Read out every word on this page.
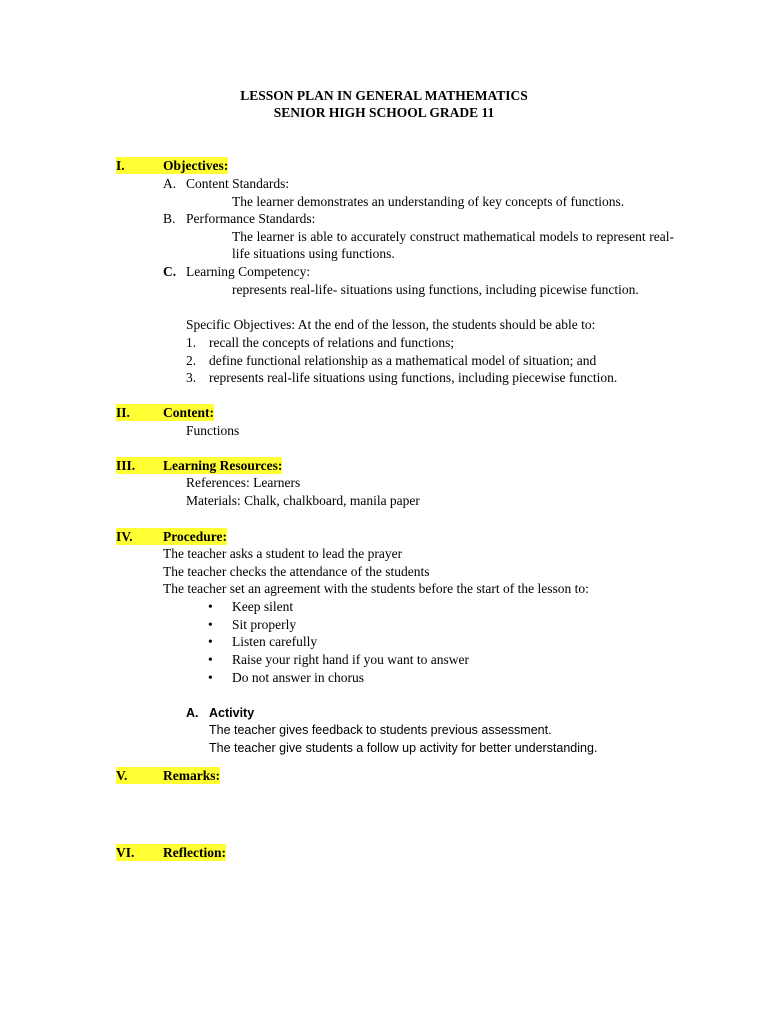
LESSON PLAN IN GENERAL MATHEMATICS
SENIOR HIGH SCHOOL GRADE 11
I.	Objectives:
A. Content Standards:
The learner demonstrates an understanding of key concepts of functions.
B. Performance Standards:
The learner is able to accurately construct mathematical models to represent real-life situations using functions.
C. Learning Competency:
represents real-life- situations using functions, including picewise function.
Specific Objectives: At the end of the lesson, the students should be able to:
1. recall the concepts of relations and functions;
2. define functional relationship as a mathematical model of situation; and
3. represents real-life situations using functions, including piecewise function.
II.	Content:
Functions
III.	Learning Resources:
References: Learners
Materials: Chalk, chalkboard, manila paper
IV.	Procedure:
The teacher asks a student to lead the prayer
The teacher checks the attendance of the students
The teacher set an agreement with the students before the start of the lesson to:
• Keep silent
• Sit properly
• Listen carefully
• Raise your right hand if you want to answer
• Do not answer in chorus
A. Activity
The teacher gives feedback to students previous assessment.
The teacher give students a follow up activity for better understanding.
V.	Remarks:
VI.	Reflection:
